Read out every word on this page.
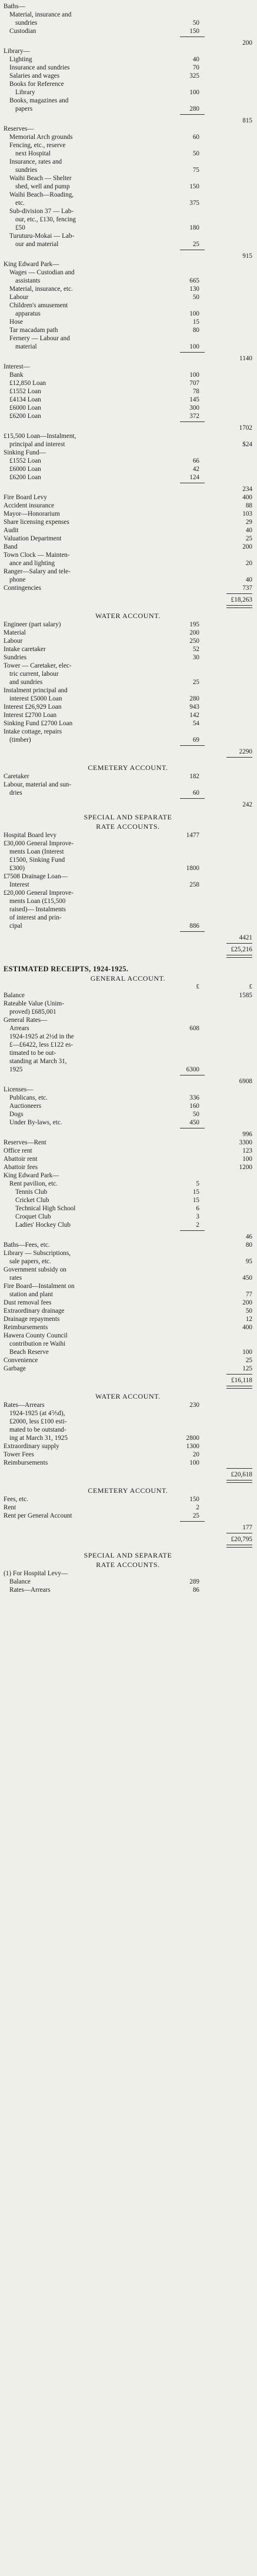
Baths—
Material, insurance and
sundries	50
Custodian	150
200
Library—
Lighting	40
Insurance and sundries	70
Salaries and wages	325
Books for Reference
Library	100
Books, magazines and
papers	280
815
Reserves—
Memorial Arch grounds	60
Fencing, etc., reserve
next Hospital	50
Insurance, rates and
sundries	75
Waihi Beach — Shelter
shed, well and pump	150
Waihi Beach—Roading,
etc.	375
Sub-division 37 — Lab-
our, etc., £130, fencing
£50	180
Turuturu-Mokai — Lab-
our and material	25
915
King Edward Park—
Wages — Custodian and
assistants	665
Material, insurance, etc.	130
Labour	50
Children's amusement
apparatus	100
Hose	15
Tar macadam path	80
Fernery — Labour and
material	100
1140
Interest—
Bank	100
£12,850 Loan	707
£1552 Loan	78
£4134 Loan	145
£6000 Loan	300
£6200 Loan	372
1702
£15,500 Loan—Instalment,
principal and interest	$24
Sinking Fund—
£1552 Loan	66
£6000 Loan	42
£6200 Loan	124
234
Fire Board Levy	400
Accident insurance	88
Mayor—Honorarium	103
Share licensing expenses	29
Audit	40
Valuation Department	25
Band	200
Town Clock — Mainten-
ance and lighting	20
Ranger—Salary and tele-
phone	40
Contingencies	737
£18,263
WATER ACCOUNT.
Engineer (part salary)	195
Material	200
Labour	250
Intake caretaker	52
Sundries	30
Tower — Caretaker, elec-
tric current, labour
and sundries	25
Instalment principal and
interest £5000 Loan	280
Interest £26,929 Loan	943
Interest £2700 Loan	142
Sinking Fund £2700 Loan	54
Intake cottage, repairs
(timber)	69
2290
CEMETERY ACCOUNT.
Caretaker	182
Labour, material and sun-
dries	60
242
SPECIAL AND SEPARATE
RATE ACCOUNTS.
Hospital Board levy	1477
£30,000 General Improve-
ments Loan (Interest
£1500, Sinking Fund
£300)	1800
£7508 Drainage Loan—
Interest	258
£20,000 General Improve-
ments Loan (£15,500
raised)— Instalments
of interest and prin-
cipal	886
4421
£25,216
ESTIMATED RECEIPTS, 1924-1925.
GENERAL ACCOUNT.
£	£
Balance	1585
Rateable Value (Unim-
proved) £685,001
General Rates—
Arrears	608
1924-1925 at 2½d in the
£—£6422, less £122 es-
timated to be out-
standing at March 31,
1925	6300
6908
Licenses—
Publicans, etc.	336
Auctioneers	160
Dogs	50
Under By-laws, etc.	450
996
Reserves—Rent	3300
Office rent	123
Abattoir rent	100
Abattoir fees	1200
King Edward Park—
Rent pavilion, etc.	5
Tennis Club	15
Cricket Club	15
Technical High School	6
Croquet Club	3
Ladies' Hockey Club	2
46
Baths—Fees, etc.	80
Library — Subscriptions,
sale papers, etc.	95
Government subsidy on
rates	450
Fire Board—Instalment on
station and plant	77
Dust removal fees	200
Extraordinary drainage	50
Drainage repayments	12
Reimbursements	400
Hawera County Council
contribution re Waihi
Beach Reserve	100
Convenience	25
Garbage	125
£16,118
WATER ACCOUNT.
Rates—Arrears	230
1924-1925 (at 4⅖d),
£2000, less £100 esti-
mated to be outstand-
ing at March 31, 1925	2800
Extraordinary supply	1300
Tower Fees	20
Reimbursements	100
£20,618
CEMETERY ACCOUNT.
Fees, etc.	150
Rent	2
Rent per General Account	25
177
£20,795
SPECIAL AND SEPARATE
RATE ACCOUNTS.
(1) For Hospital Levy—
Balance	289
Rates—Arrears	86
